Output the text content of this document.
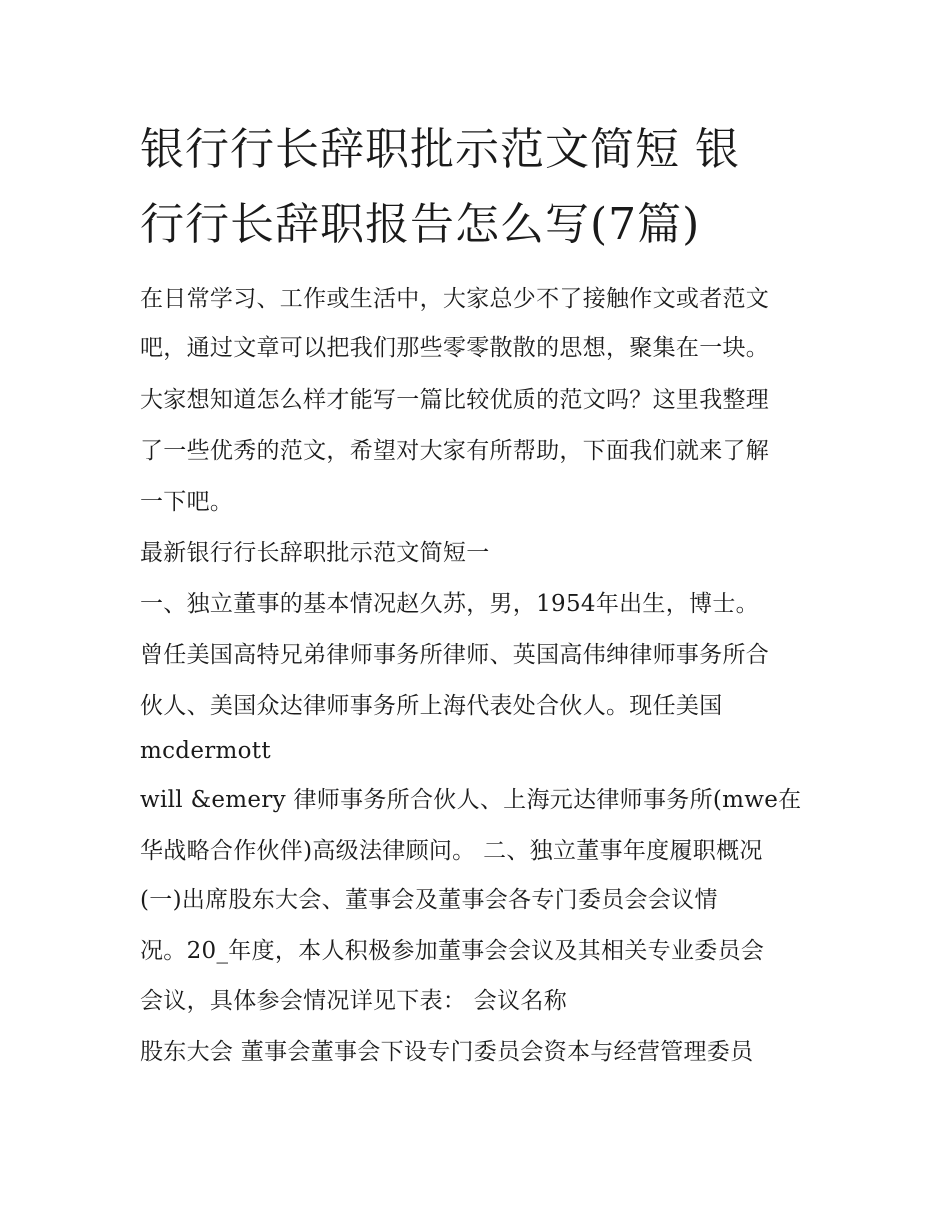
银行行长辞职批示范文简短 银
行行长辞职报告怎么写(7篇)
在日常学习、工作或生活中，大家总少不了接触作文或者范文
吧，通过文章可以把我们那些零零散散的思想，聚集在一块。
大家想知道怎么样才能写一篇比较优质的范文吗？这里我整理
了一些优秀的范文，希望对大家有所帮助，下面我们就来了解
一下吧。
最新银行行长辞职批示范文简短一
一、独立董事的基本情况赵久苏，男，1954年出生，博士。
曾任美国高特兄弟律师事务所律师、英国高伟绅律师事务所合
伙人、美国众达律师事务所上海代表处合伙人。现任美国
mcdermott
will &emery 律师事务所合伙人、上海元达律师事务所(mwe在
华战略合作伙伴)高级法律顾问。 二、独立董事年度履职概况
(一)出席股东大会、董事会及董事会各专门委员会会议情
况。20_年度，本人积极参加董事会会议及其相关专业委员会
会议，具体参会情况详见下表： 会议名称
股东大会 董事会董事会下设专门委员会资本与经营管理委员
